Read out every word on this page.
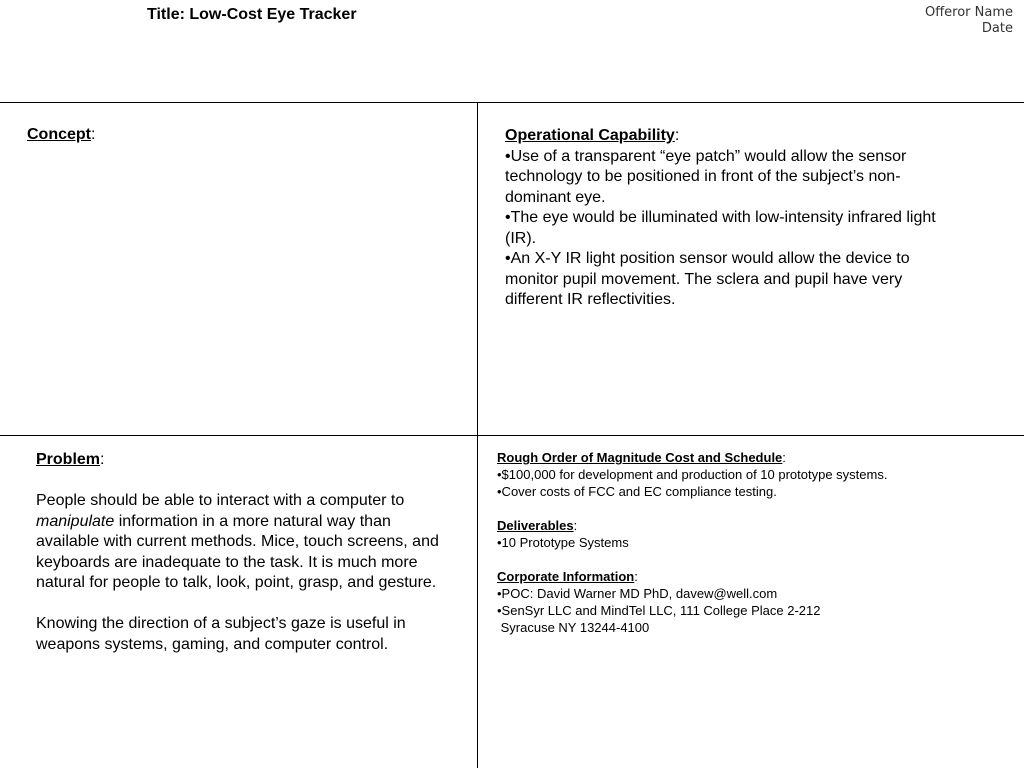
Title: Low-Cost Eye Tracker	Offeror Name
Date
Concept:	Operational Capability:
•Use of a transparent “eye patch” would allow the sensor technology to be positioned in front of the subject’s non-dominant eye.
•The eye would be illuminated with low-intensity infrared light (IR).
•An X-Y IR light position sensor would allow the device to monitor pupil movement. The sclera and pupil have very different IR reflectivities.

Problem:

People should be able to interact with a computer to manipulate information in a more natural way than available with current methods. Mice, touch screens, and keyboards are inadequate to the task. It is much more natural for people to talk, look, point, grasp, and gesture.

Knowing the direction of a subject’s gaze is useful in weapons systems, gaming, and computer control.

Rough Order of Magnitude Cost and Schedule:
•$100,000 for development and production of 10 prototype systems.
•Cover costs of FCC and EC compliance testing.
Deliverables:
•10 Prototype Systems
Corporate Information:
•POC: David Warner MD PhD, davew@well.com
•SenSyr LLC and MindTel LLC, 111 College Place 2-212
Syracuse NY 13244-4100
